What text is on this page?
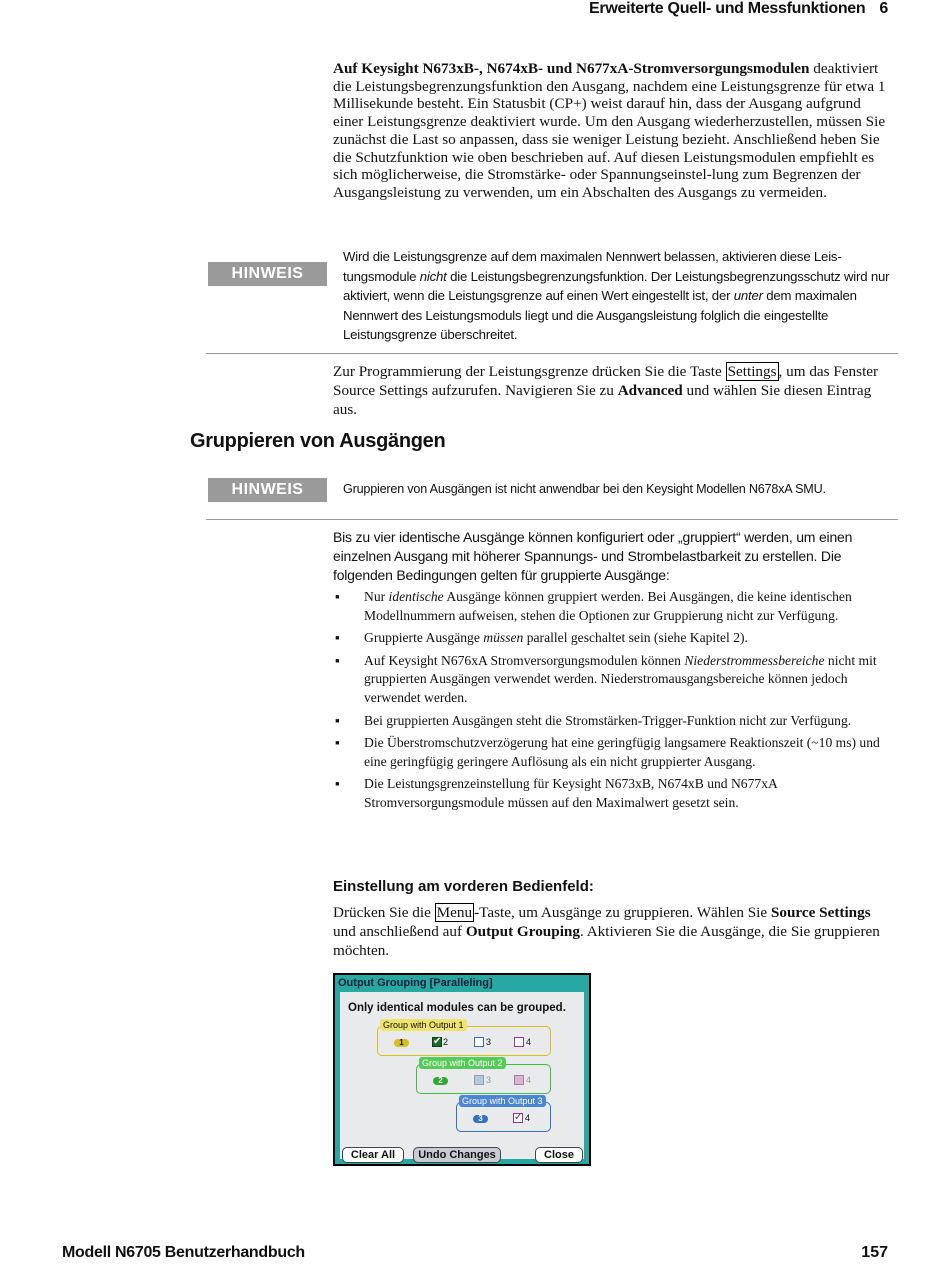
Erweiterte Quell- und Messfunktionen 6
Auf Keysight N673xB-, N674xB- und N677xA-Stromversorgungsmodulen deaktiviert die Leistungsbegrenzungsfunktion den Ausgang, nachdem eine Leistungsgrenze für etwa 1 Millisekunde besteht. Ein Statusbit (CP+) weist darauf hin, dass der Ausgang aufgrund einer Leistungsgrenze deaktiviert wurde. Um den Ausgang wiederherzustellen, müssen Sie zunächst die Last so anpassen, dass sie weniger Leistung bezieht. Anschließend heben Sie die Schutzfunktion wie oben beschrieben auf. Auf diesen Leistungsmodulen empfiehlt es sich möglicherweise, die Stromstärke- oder Spannungseinstel-lung zum Begrenzen der Ausgangsleistung zu verwenden, um ein Abschalten des Ausgangs zu vermeiden.
HINWEIS
Wird die Leistungsgrenze auf dem maximalen Nennwert belassen, aktivieren diese Leis-tungsmodule nicht die Leistungsbegrenzungsfunktion. Der Leistungsbegrenzungsschutz wird nur aktiviert, wenn die Leistungsgrenze auf einen Wert eingestellt ist, der unter dem maximalen Nennwert des Leistungsmoduls liegt und die Ausgangsleistung folglich die eingestellte Leistungsgrenze überschreitet.
Zur Programmierung der Leistungsgrenze drücken Sie die Taste Settings , um das Fenster Source Settings aufzurufen. Navigieren Sie zu Advanced und wählen Sie diesen Eintrag aus.
Gruppieren von Ausgängen
HINWEIS	Gruppieren von Ausgängen ist nicht anwendbar bei den Keysight Modellen N678xA SMU.
Bis zu vier identische Ausgänge können konfiguriert oder „gruppiert“ werden, um einen einzelnen Ausgang mit höherer Spannungs- und Strombelastbarkeit zu erstellen. Die folgenden Bedingungen gelten für gruppierte Ausgänge:
▪ Nur identische Ausgänge können gruppiert werden. Bei Ausgängen, die keine identischen Modellnummern aufweisen, stehen die Optionen zur Gruppierung nicht zur Verfügung.
▪ Gruppierte Ausgänge müssen parallel geschaltet sein (siehe Kapitel 2).
▪ Auf Keysight N676xA Stromversorgungsmodulen können Niederstrommessbereiche nicht mit gruppierten Ausgängen verwendet werden. Niederstromausgangsbereiche können jedoch verwendet werden.
▪ Bei gruppierten Ausgängen steht die Stromstärken-Trigger-Funktion nicht zur Verfügung.
▪ Die Überstromschutzverzögerung hat eine geringfügig langsamere Reaktionszeit (~10 ms) und eine geringfügig geringere Auflösung als ein nicht gruppierter Ausgang.
▪ Die Leistungsgrenzeinstellung für Keysight N673xB, N674xB und N677xA Stromversorgungsmodule müssen auf den Maximalwert gesetzt sein.
Einstellung am vorderen Bedienfeld:
Drücken Sie die Menu -Taste, um Ausgänge zu gruppieren. Wählen Sie Source Settings und anschließend auf Output Grouping. Aktivieren Sie die Ausgänge, die Sie gruppieren möchten.
Output Grouping [Paralleling]
Only identical modules can be grouped.
Group with Output 1
1	✔ 2	3	4
Group with Output 2
2	3	4
Group with Output 3
3	✓ 4
Clear All	Undo Changes	Close
Modell N6705 Benutzerhandbuch	157
